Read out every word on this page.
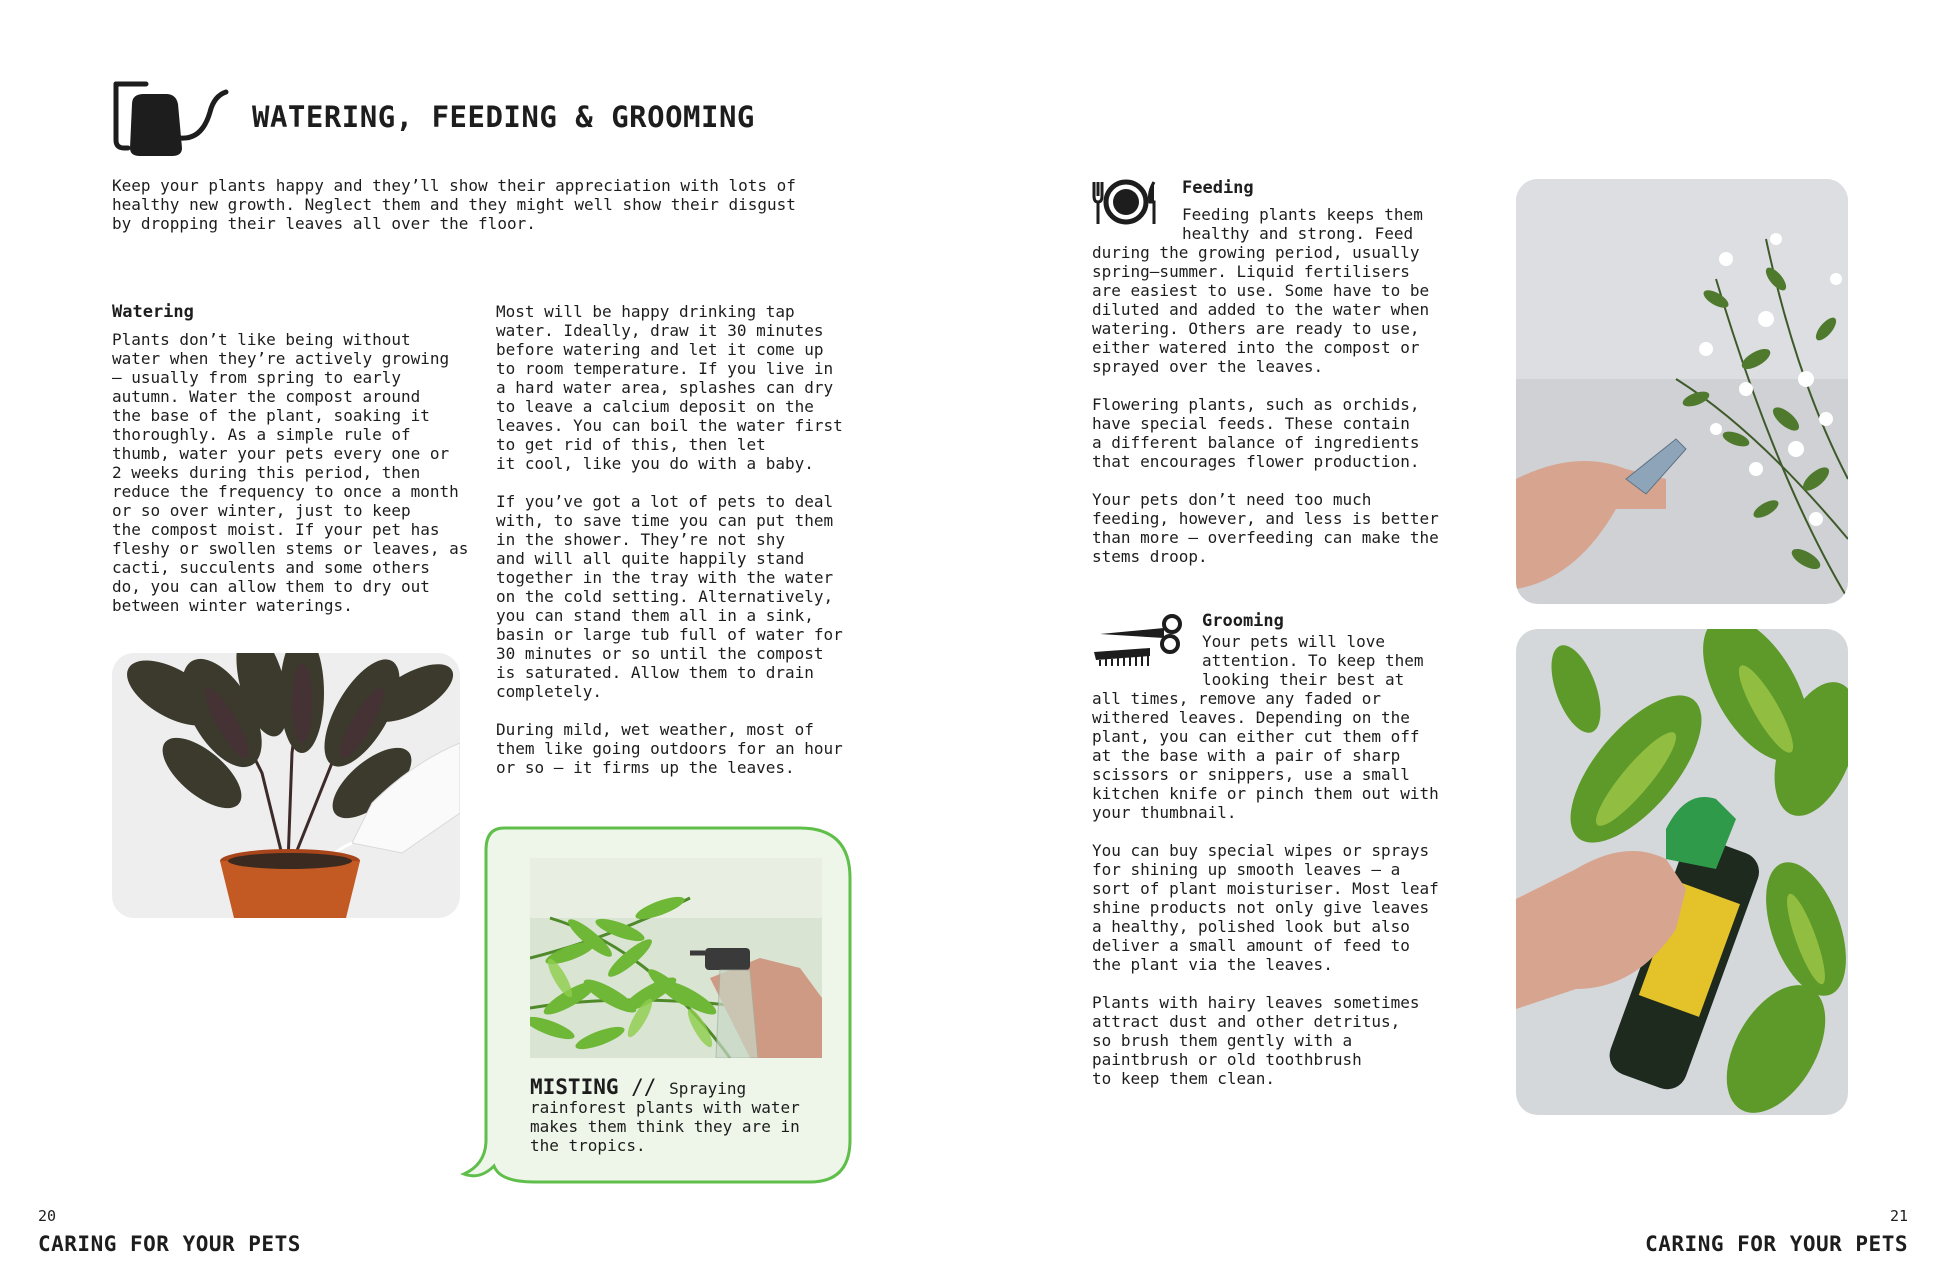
WATERING, FEEDING & GROOMING

Keep your plants happy and they’ll show their appreciation with lots of
healthy new growth. Neglect them and they might well show their disgust
by dropping their leaves all over the floor.

Watering

Plants don’t like being without
water when they’re actively growing
— usually from spring to early
autumn. Water the compost around
the base of the plant, soaking it
thoroughly. As a simple rule of
thumb, water your pets every one or
2 weeks during this period, then
reduce the frequency to once a month
or so over winter, just to keep
the compost moist. If your pet has
fleshy or swollen stems or leaves, as
cacti, succulents and some others
do, you can allow them to dry out
between winter waterings.

Most will be happy drinking tap
water. Ideally, draw it 30 minutes
before watering and let it come up
to room temperature. If you live in
a hard water area, splashes can dry
to leave a calcium deposit on the
leaves. You can boil the water first
to get rid of this, then let
it cool, like you do with a baby.

If you’ve got a lot of pets to deal
with, to save time you can put them
in the shower. They’re not shy
and will all quite happily stand
together in the tray with the water
on the cold setting. Alternatively,
you can stand them all in a sink,
basin or large tub full of water for
30 minutes or so until the compost
is saturated. Allow them to drain
completely.

During mild, wet weather, most of
them like going outdoors for an hour
or so — it firms up the leaves.

MISTING // Spraying rainforest plants with water makes them think they are in the tropics.

20
CARING FOR YOUR PETS
Feeding

Feeding plants keeps them
healthy and strong. Feed

during the growing period, usually
spring—summer. Liquid fertilisers
are easiest to use. Some have to be
diluted and added to the water when
watering. Others are ready to use,
either watered into the compost or
sprayed over the leaves.

Flowering plants, such as orchids,
have special feeds. These contain
a different balance of ingredients
that encourages flower production.

Your pets don’t need too much
feeding, however, and less is better
than more — overfeeding can make the
stems droop.

Grooming

Your pets will love
attention. To keep them
looking their best at

all times, remove any faded or
withered leaves. Depending on the
plant, you can either cut them off
at the base with a pair of sharp
scissors or snippers, use a small
kitchen knife or pinch them out with
your thumbnail.

You can buy special wipes or sprays
for shining up smooth leaves — a
sort of plant moisturiser. Most leaf
shine products not only give leaves
a healthy, polished look but also
deliver a small amount of feed to
the plant via the leaves.

Plants with hairy leaves sometimes
attract dust and other detritus,
so brush them gently with a
paintbrush or old toothbrush
to keep them clean.

21
CARING FOR YOUR PETS
